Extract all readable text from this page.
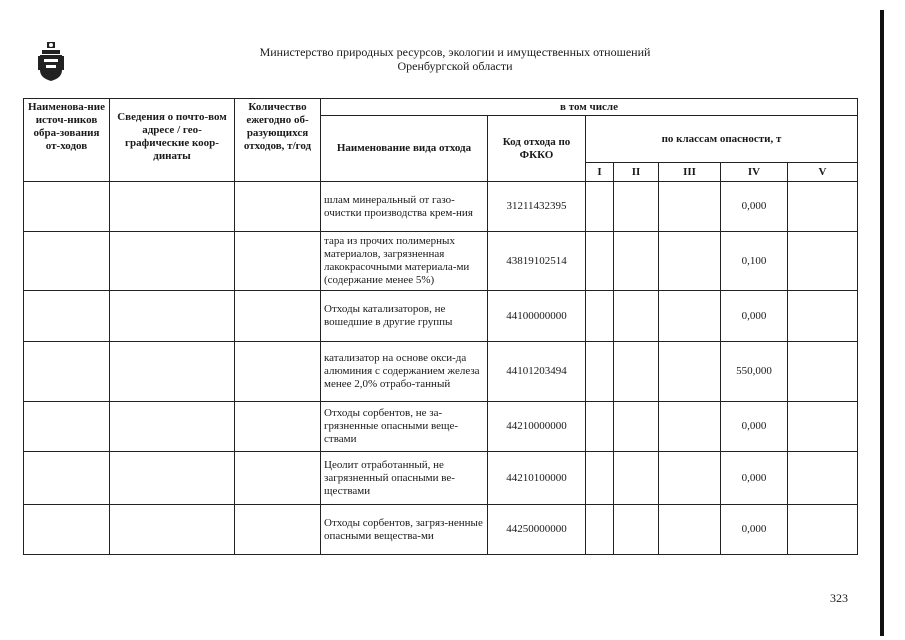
Министерство природных ресурсов, экологии и имущественных отношений
Оренбургской области
Наименова-ние источ-ников обра-зования от-ходов	Сведения о почто-вом адресе / гео-графические коор-динаты	Количество ежегодно об-разующихся отходов, т/год	в том числе						
			Наименование вида отхода	Код отхода по ФККО	по классам опасности, т				
					I	II	III	IV	V
			шлам минеральный от газо-очистки производства крем-ния	31211432395				0,000	
			тара из прочих полимерных материалов, загрязненная лакокрасочными материала-ми (содержание менее 5%)	43819102514				0,100	
			Отходы катализаторов, не вошедшие в другие группы	44100000000				0,000	
			катализатор на основе окси-да алюминия с содержанием железа менее 2,0% отрабо-танный	44101203494				550,000	
			Отходы сорбентов, не за-грязненные опасными веще-ствами	44210000000				0,000	
			Цеолит отработанный, не загрязненный опасными ве-ществами	44210100000				0,000	
			Отходы сорбентов, загряз-ненные опасными вещества-ми	44250000000				0,000	
323
